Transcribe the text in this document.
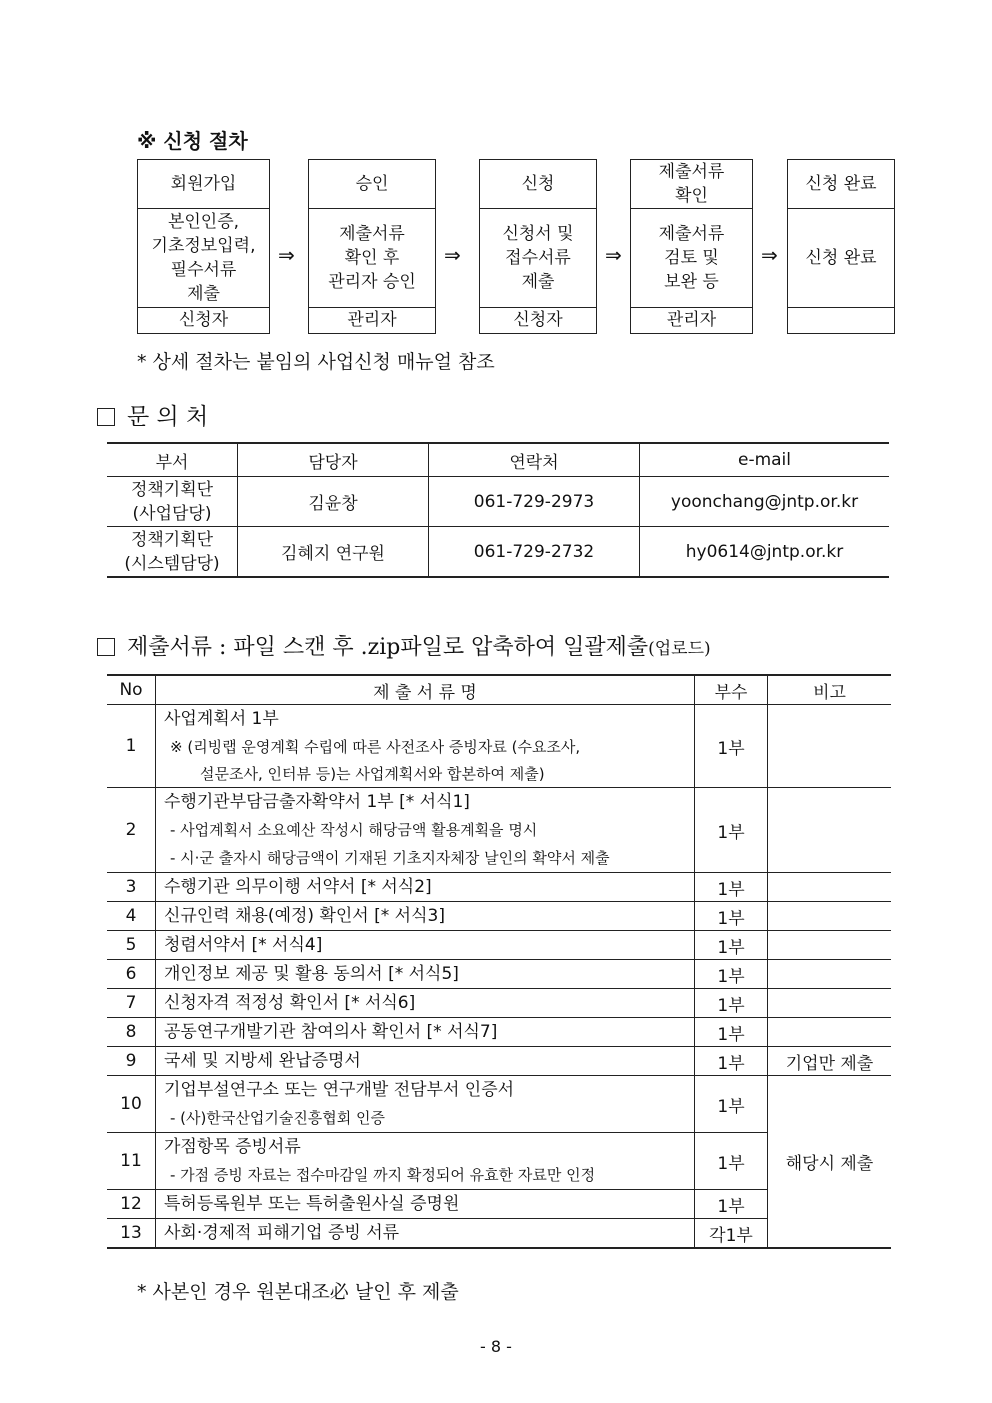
※ 신청 절차
회원가입
본인인증,
기초정보입력,
필수서류
제출
신청자
⇒
승인
제출서류
확인 후
관리자 승인
관리자
⇒
신청
신청서 및
접수서류
제출
신청자
⇒
제출서류
확인
제출서류
검토 및
보완 등
관리자
⇒
신청 완료
신청 완료
* 상세 절차는 붙임의 사업신청 매뉴얼 참조
문 의 처
부서	담당자	연락처	e-mail
정책기획단
(사업담당)	김윤창	061-729-2973	yoonchang@jntp.or.kr
정책기획단
(시스템담당)	김혜지 연구원	061-729-2732	hy0614@jntp.or.kr
제출서류 : 파일 스캔 후 .zip파일로 압축하여 일괄제출(업로드)
No	제 출 서 류 명	부수	비고
1	사업계획서 1부
※ (리빙랩 운영계획 수립에 따른 사전조사 증빙자료 (수요조사,
설문조사, 인터뷰 등)는 사업계획서와 합본하여 제출)	1부	
2	수행기관부담금출자확약서 1부 [* 서식1]
- 사업계획서 소요예산 작성시 해당금액 활용계획을 명시
- 시·군 출자시 해당금액이 기재된 기초지자체장 날인의 확약서 제출	1부	
3	수행기관 의무이행 서약서 [* 서식2]	1부	
4	신규인력 채용(예정) 확인서 [* 서식3]	1부	
5	청렴서약서 [* 서식4]	1부	
6	개인정보 제공 및 활용 동의서 [* 서식5]	1부	
7	신청자격 적정성 확인서 [* 서식6]	1부	
8	공동연구개발기관 참여의사 확인서 [* 서식7]	1부	
9	국세 및 지방세 완납증명서	1부	기업만 제출
10	기업부설연구소 또는 연구개발 전담부서 인증서
- (사)한국산업기술진흥협회 인증	1부	해당시 제출
11	가점항목 증빙서류
- 가점 증빙 자료는 접수마감일 까지 확정되어 유효한 자료만 인정	1부	
12	특허등록원부 또는 특허출원사실 증명원	1부	
13	사회·경제적 피해기업 증빙 서류	각1부	
* 사본인 경우 원본대조必 날인 후 제출
- 8 -
